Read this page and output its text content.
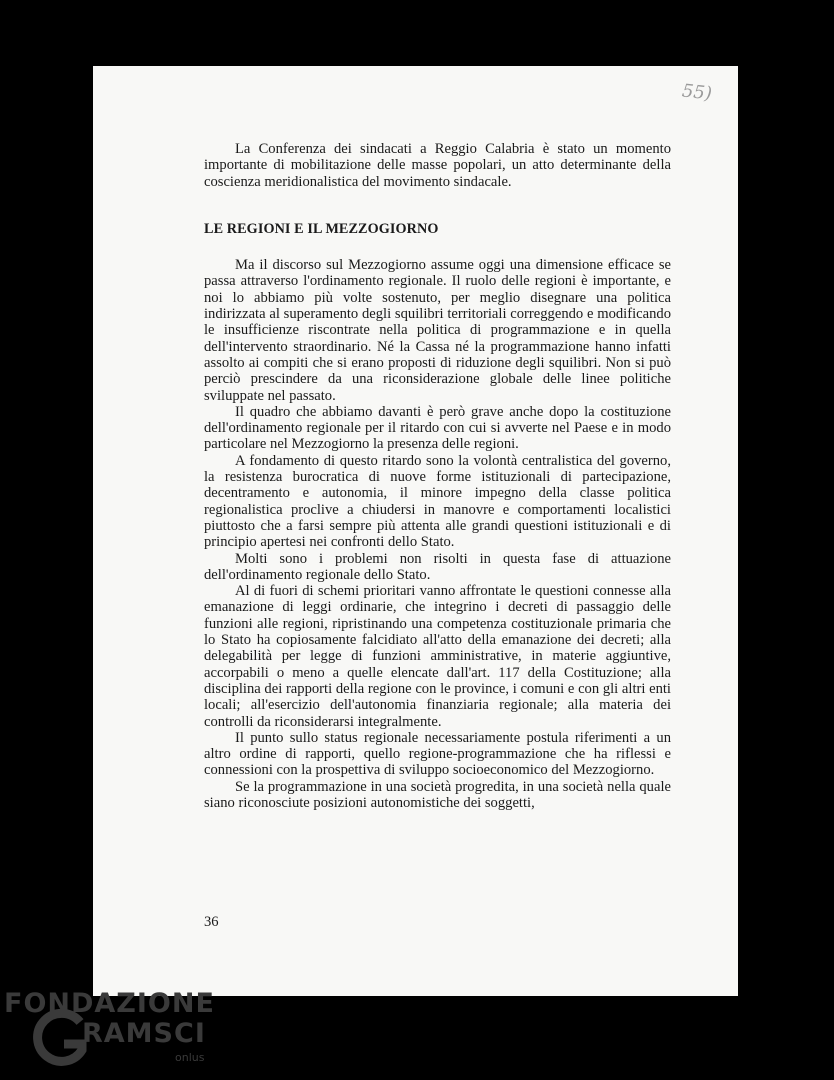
55)

La Conferenza dei sindacati a Reggio Calabria è stato un momento importante di mobilitazione delle masse popolari, un atto determinante della coscienza meridionalistica del movimento sindacale.

LE REGIONI E IL MEZZOGIORNO

Ma il discorso sul Mezzogiorno assume oggi una dimensione efficace se passa attraverso l'ordinamento regionale. Il ruolo delle regioni è importante, e noi lo abbiamo più volte sostenuto, per meglio disegnare una politica indirizzata al superamento degli squilibri territoriali correggendo e modificando le insufficienze riscontrate nella politica di programmazione e in quella dell'intervento straordinario. Né la Cassa né la programmazione hanno infatti assolto ai compiti che si erano proposti di riduzione degli squilibri. Non si può perciò prescindere da una riconsiderazione globale delle linee politiche sviluppate nel passato.

Il quadro che abbiamo davanti è però grave anche dopo la costituzione dell'ordinamento regionale per il ritardo con cui si avverte nel Paese e in modo particolare nel Mezzogiorno la presenza delle regioni.

A fondamento di questo ritardo sono la volontà centralistica del governo, la resistenza burocratica di nuove forme istituzionali di partecipazione, decentramento e autonomia, il minore impegno della classe politica regionalistica proclive a chiudersi in manovre e comportamenti localistici piuttosto che a farsi sempre più attenta alle grandi questioni istituzionali e di principio apertesi nei confronti dello Stato.

Molti sono i problemi non risolti in questa fase di attuazione dell'ordinamento regionale dello Stato.

Al di fuori di schemi prioritari vanno affrontate le questioni connesse alla emanazione di leggi ordinarie, che integrino i decreti di passaggio delle funzioni alle regioni, ripristinando una competenza costituzionale primaria che lo Stato ha copiosamente falcidiato all'atto della emanazione dei decreti; alla delegabilità per legge di funzioni amministrative, in materie aggiuntive, accorpabili o meno a quelle elencate dall'art. 117 della Costituzione; alla disciplina dei rapporti della regione con le province, i comuni e con gli altri enti locali; all'esercizio dell'autonomia finanziaria regionale; alla materia dei controlli da riconsiderarsi integralmente.

Il punto sullo status regionale necessariamente postula riferimenti a un altro ordine di rapporti, quello regione-programmazione che ha riflessi e connessioni con la prospettiva di sviluppo socioeconomico del Mezzogiorno.

Se la programmazione in una società progredita, in una società nella quale siano riconosciute posizioni autonomistiche dei soggetti,

36
FONDAZIONE
RAMSCI
onlus
